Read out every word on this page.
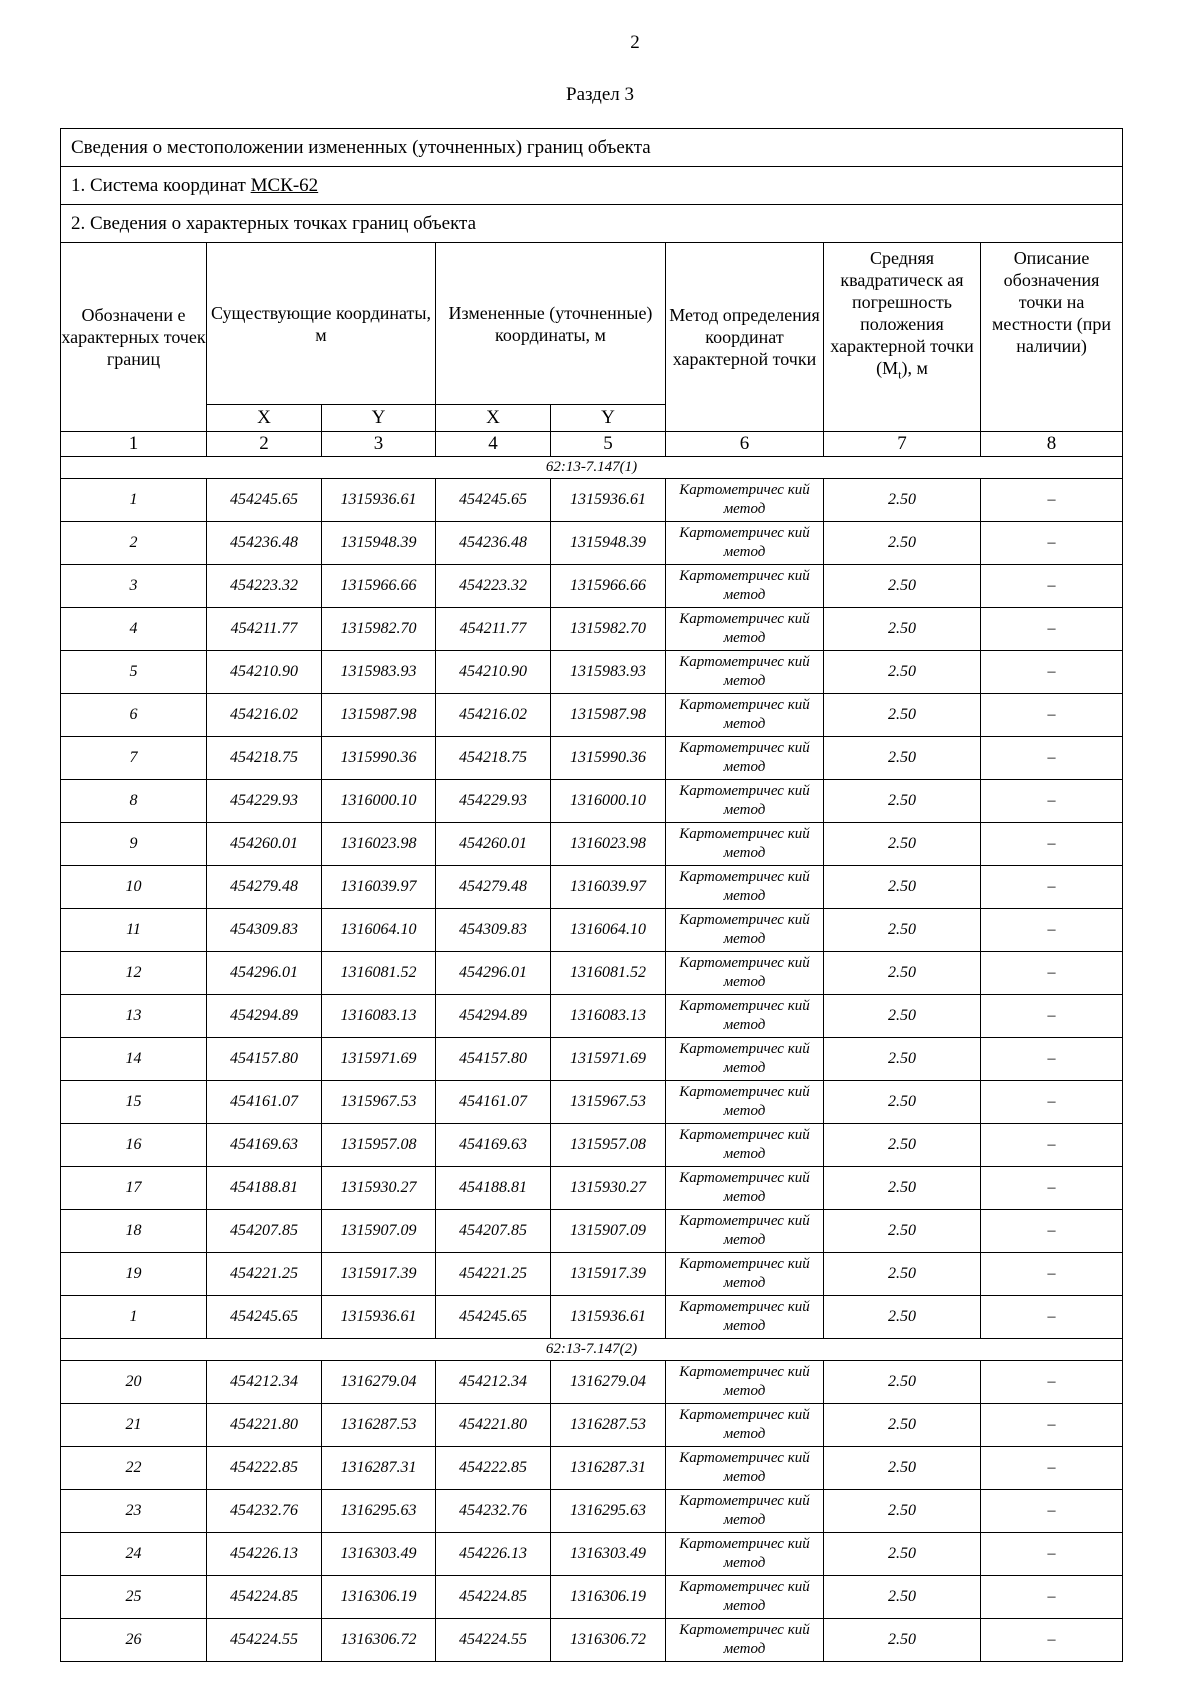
2
Раздел 3
Сведения о местоположении измененных (уточненных) границ объекта							
1. Система координат МСК-62							
2. Сведения о характерных точках границ объекта							
Обозначени е характерных точек границ	Существующие координаты, м		Измененные (уточненные) координаты, м		Метод определения координат характерной точки	Средняя квадратическ ая погрешность положения характерной точки $(M_t)$, м	Описание обозначения точки на местности (при наличии)
	X	Y	X	Y			
1	2	3	4	5	6	7	8
62:13-7.147(1)							
1	454245.65	1315936.61	454245.65	1315936.61	Картометричес кий метод	2.50	–
2	454236.48	1315948.39	454236.48	1315948.39	Картометричес кий метод	2.50	–
3	454223.32	1315966.66	454223.32	1315966.66	Картометричес кий метод	2.50	–
4	454211.77	1315982.70	454211.77	1315982.70	Картометричес кий метод	2.50	–
5	454210.90	1315983.93	454210.90	1315983.93	Картометричес кий метод	2.50	–
6	454216.02	1315987.98	454216.02	1315987.98	Картометричес кий метод	2.50	–
7	454218.75	1315990.36	454218.75	1315990.36	Картометричес кий метод	2.50	–
8	454229.93	1316000.10	454229.93	1316000.10	Картометричес кий метод	2.50	–
9	454260.01	1316023.98	454260.01	1316023.98	Картометричес кий метод	2.50	–
10	454279.48	1316039.97	454279.48	1316039.97	Картометричес кий метод	2.50	–
11	454309.83	1316064.10	454309.83	1316064.10	Картометричес кий метод	2.50	–
12	454296.01	1316081.52	454296.01	1316081.52	Картометричес кий метод	2.50	–
13	454294.89	1316083.13	454294.89	1316083.13	Картометричес кий метод	2.50	–
14	454157.80	1315971.69	454157.80	1315971.69	Картометричес кий метод	2.50	–
15	454161.07	1315967.53	454161.07	1315967.53	Картометричес кий метод	2.50	–
16	454169.63	1315957.08	454169.63	1315957.08	Картометричес кий метод	2.50	–
17	454188.81	1315930.27	454188.81	1315930.27	Картометричес кий метод	2.50	–
18	454207.85	1315907.09	454207.85	1315907.09	Картометричес кий метод	2.50	–
19	454221.25	1315917.39	454221.25	1315917.39	Картометричес кий метод	2.50	–
1	454245.65	1315936.61	454245.65	1315936.61	Картометричес кий метод	2.50	–
62:13-7.147(2)							
20	454212.34	1316279.04	454212.34	1316279.04	Картометричес кий метод	2.50	–
21	454221.80	1316287.53	454221.80	1316287.53	Картометричес кий метод	2.50	–
22	454222.85	1316287.31	454222.85	1316287.31	Картометричес кий метод	2.50	–
23	454232.76	1316295.63	454232.76	1316295.63	Картометричес кий метод	2.50	–
24	454226.13	1316303.49	454226.13	1316303.49	Картометричес кий метод	2.50	–
25	454224.85	1316306.19	454224.85	1316306.19	Картометричес кий метод	2.50	–
26	454224.55	1316306.72	454224.55	1316306.72	Картометричес кий метод	2.50	–
